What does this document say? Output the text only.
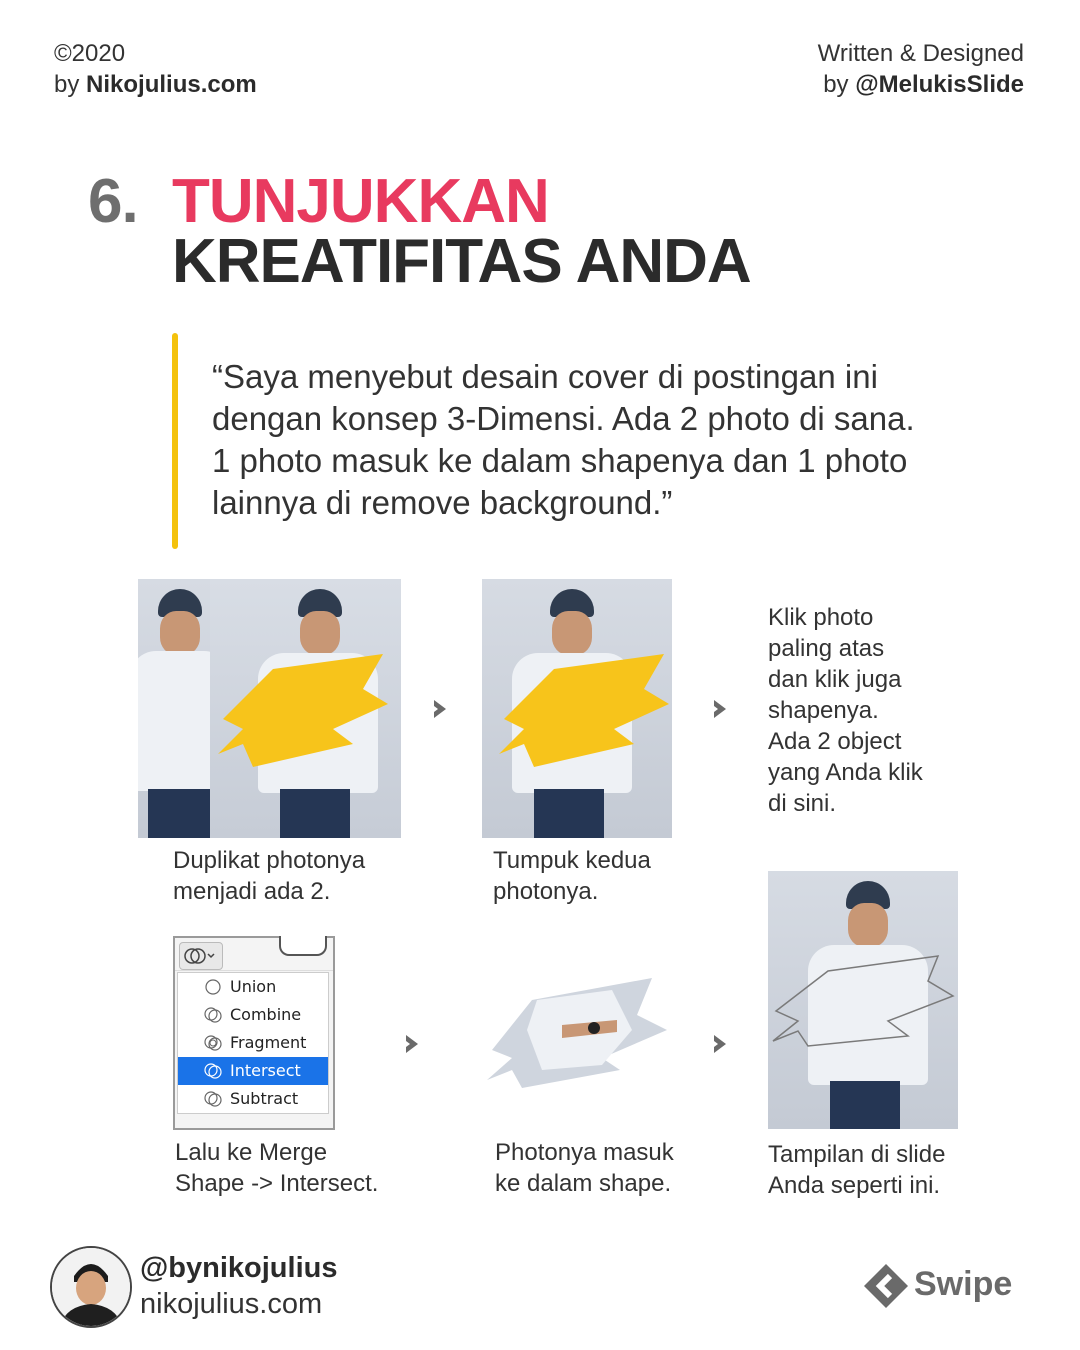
©2020
by Nikojulius.com
Written & Designed
by @MelukisSlide
6. TUNJUKKAN
KREATIFITAS ANDA
“Saya menyebut desain cover di postingan ini dengan konsep 3-Dimensi. Ada 2 photo di sana. 1 photo masuk ke dalam shapenya dan 1 photo lainnya di remove background.”
Klik photo
paling atas
dan klik juga
shapenya.
Ada 2 object
yang Anda klik
di sini.
Duplikat photonya
menjadi ada 2.
Tumpuk kedua
photonya.
Union
Combine
Fragment
Intersect
Subtract
Lalu ke Merge
Shape -> Intersect.
Photonya masuk
ke dalam shape.
Tampilan di slide
Anda seperti ini.
@bynikojulius
nikojulius.com
Swipe
